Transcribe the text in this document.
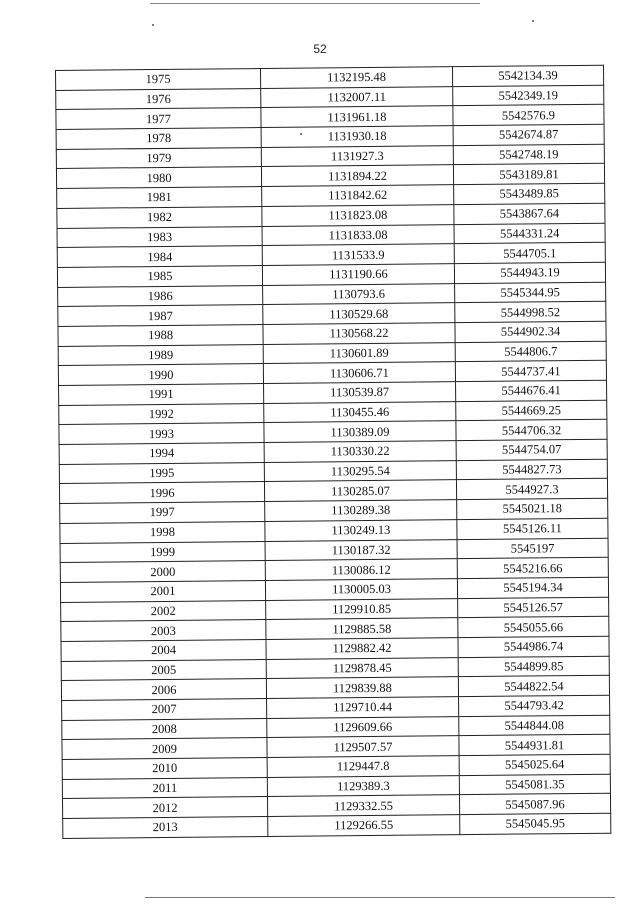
52
1975	1132195.48	5542134.39
1976	1132007.11	5542349.19
1977	1131961.18	5542576.9
1978	1131930.18	5542674.87
1979	1131927.3	5542748.19
1980	1131894.22	5543189.81
1981	1131842.62	5543489.85
1982	1131823.08	5543867.64
1983	1131833.08	5544331.24
1984	1131533.9	5544705.1
1985	1131190.66	5544943.19
1986	1130793.6	5545344.95
1987	1130529.68	5544998.52
1988	1130568.22	5544902.34
1989	1130601.89	5544806.7
1990	1130606.71	5544737.41
1991	1130539.87	5544676.41
1992	1130455.46	5544669.25
1993	1130389.09	5544706.32
1994	1130330.22	5544754.07
1995	1130295.54	5544827.73
1996	1130285.07	5544927.3
1997	1130289.38	5545021.18
1998	1130249.13	5545126.11
1999	1130187.32	5545197
2000	1130086.12	5545216.66
2001	1130005.03	5545194.34
2002	1129910.85	5545126.57
2003	1129885.58	5545055.66
2004	1129882.42	5544986.74
2005	1129878.45	5544899.85
2006	1129839.88	5544822.54
2007	1129710.44	5544793.42
2008	1129609.66	5544844.08
2009	1129507.57	5544931.81
2010	1129447.8	5545025.64
2011	1129389.3	5545081.35
2012	1129332.55	5545087.96
2013	1129266.55	5545045.95
